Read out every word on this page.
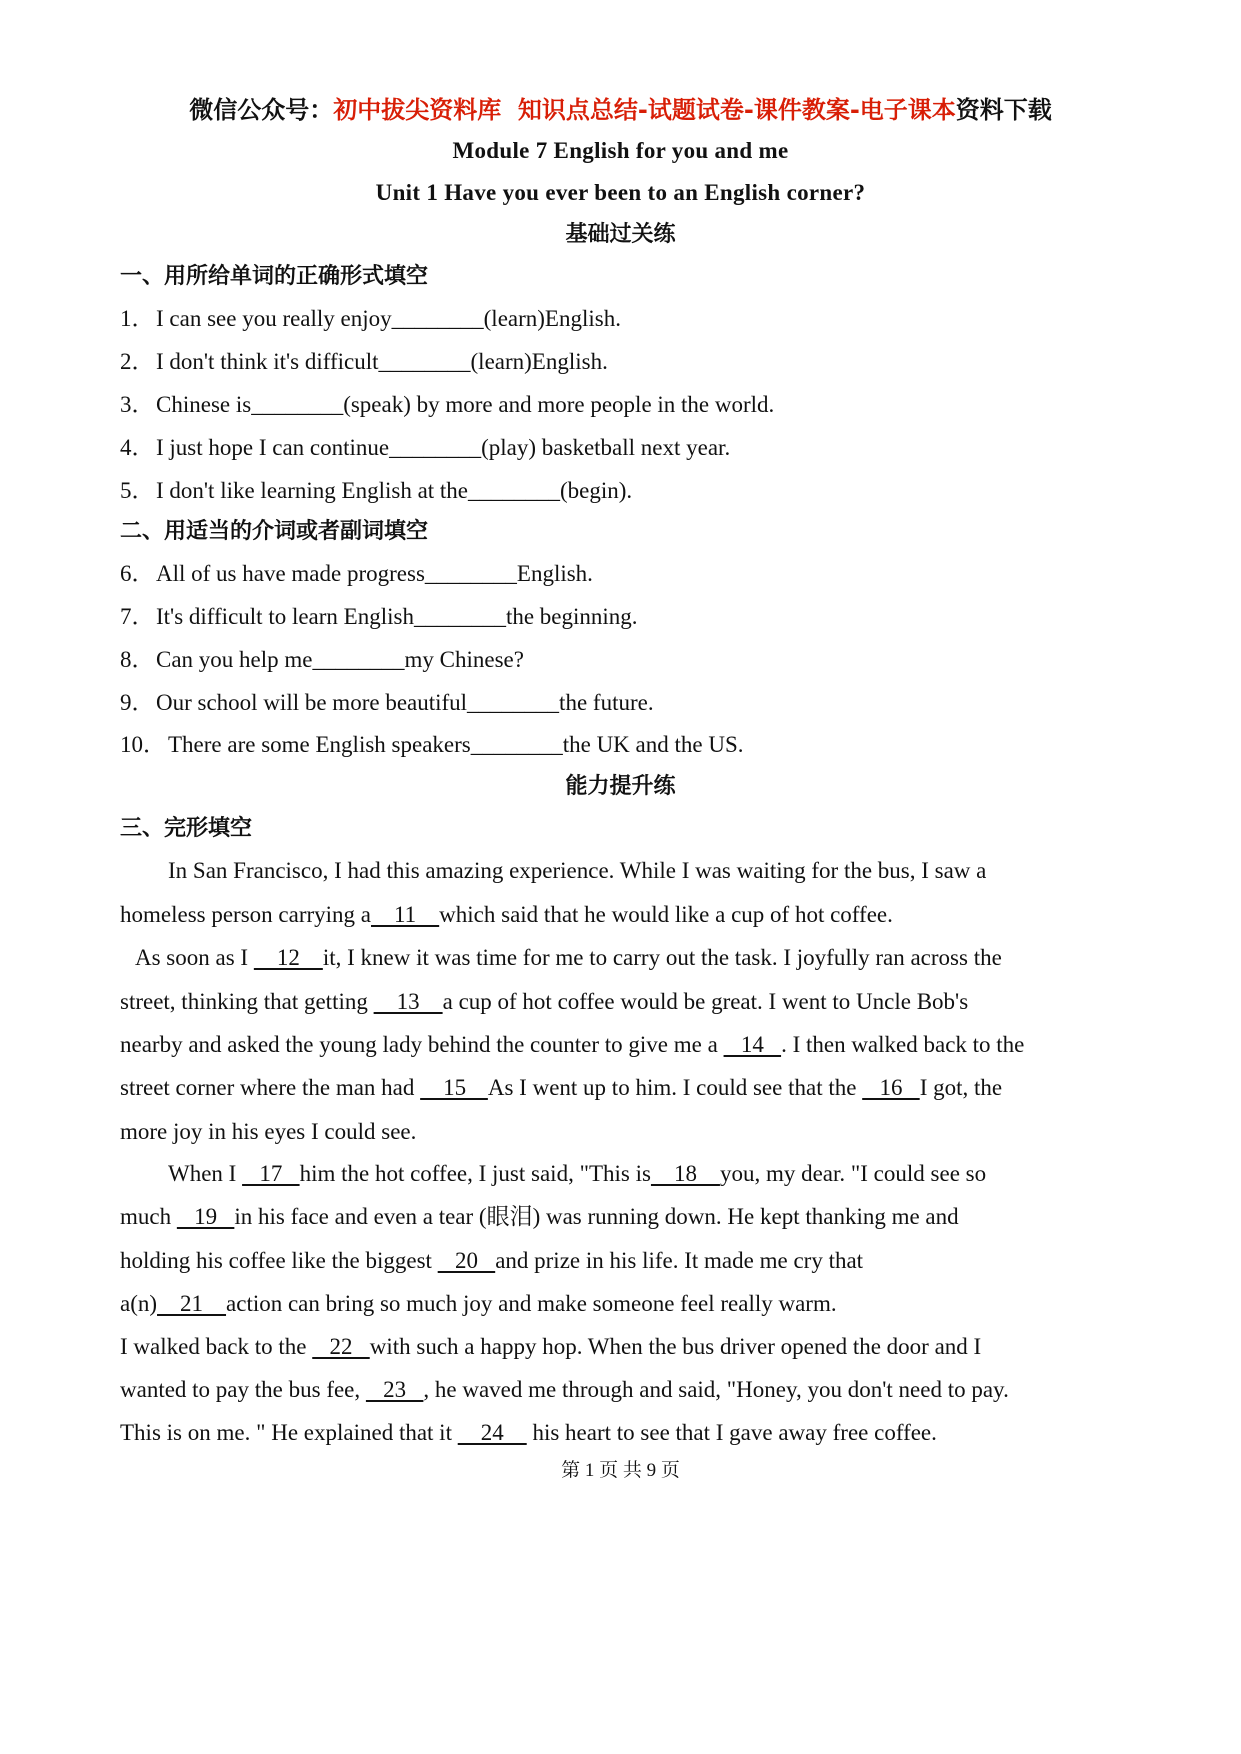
微信公众号：初中拔尖资料库  知识点总结-试题试卷-课件教案-电子课本资料下载
Module 7 English for you and me
Unit 1 Have you ever been to an English corner?
基础过关练
一、用所给单词的正确形式填空
1．I can see you really enjoy________(learn)English.
2．I don't think it's difficult________(learn)English.
3．Chinese is________(speak) by more and more people in the world.
4．I just hope I can continue________(play) basketball next year.
5．I don't like learning English at the________(begin).
二、用适当的介词或者副词填空
6．All of us have made progress________English.
7．It's difficult to learn English________the beginning.
8．Can you help me________my Chinese?
9．Our school will be more beautiful________the future.
10．There are some English speakers________the UK and the US.
能力提升练
三、完形填空
In San Francisco, I had this amazing experience. While I was waiting for the bus, I saw a
homeless person carrying a    11    which said that he would like a cup of hot coffee.
As soon as I     12    it, I knew it was time for me to carry out the task. I joyfully ran across the
street, thinking that getting     13    a cup of hot coffee would be great. I went to Uncle Bob's
nearby and asked the young lady behind the counter to give me a    14   . I then walked back to the
street corner where the man had     15    As I went up to him. I could see that the    16   I got, the
more joy in his eyes I could see.
When I    17   him the hot coffee, I just said, "This is    18    you, my dear. "I could see so
much    19   in his face and even a tear (眼泪) was running down. He kept thanking me and
holding his coffee like the biggest    20   and prize in his life. It made me cry that
a(n)    21    action can bring so much joy and make someone feel really warm.
I walked back to the    22   with such a happy hop. When the bus driver opened the door and I
wanted to pay the bus fee,    23   , he waved me through and said, "Honey, you don't need to pay.
This is on me. " He explained that it     24     his heart to see that I gave away free coffee.
第 1 页 共 9 页
